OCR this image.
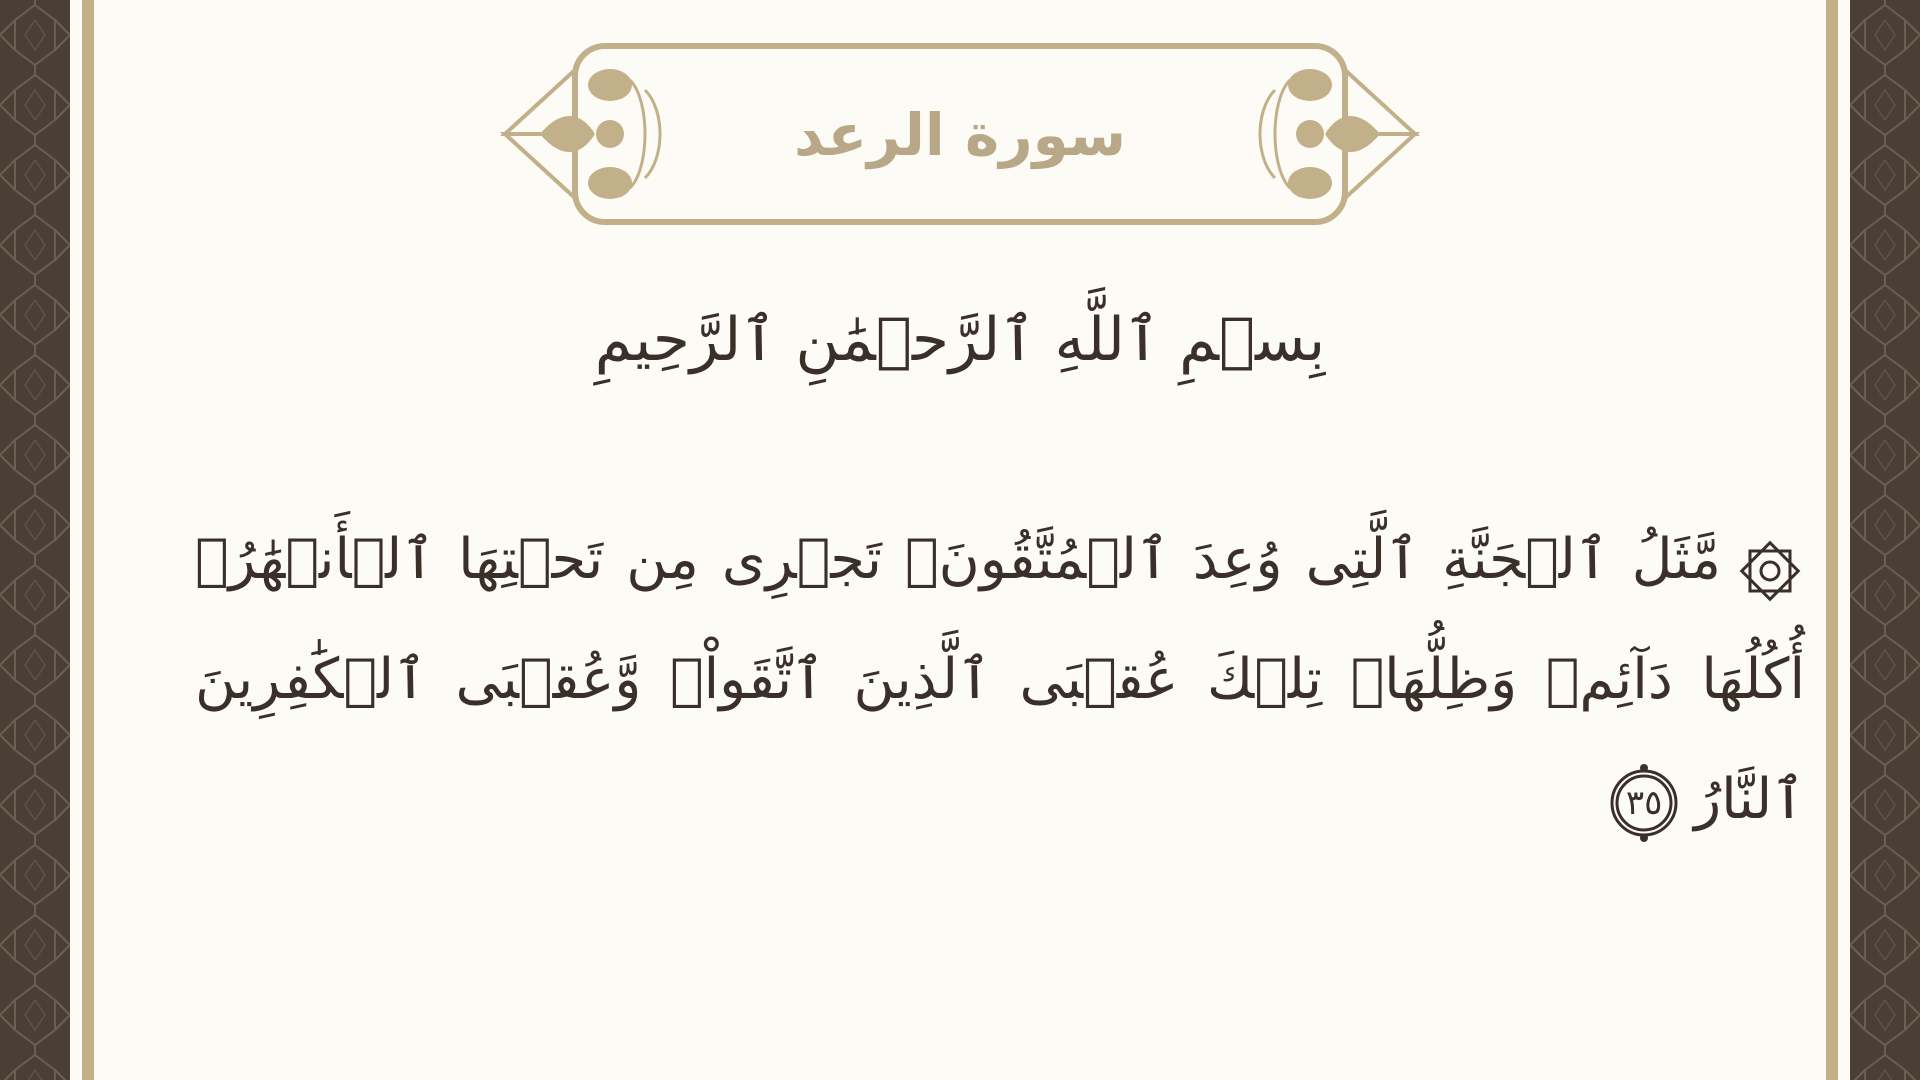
سورة الرعد
بِسۡمِ ٱللَّهِ ٱلرَّحۡمَٰنِ ٱلرَّحِيمِ
مَّثَلُ ٱلۡجَنَّةِ ٱلَّتِى وُعِدَ ٱلۡمُتَّقُونَۖ تَجۡرِى مِن تَحۡتِهَا ٱلۡأَنۡهَٰرُۖ أُكُلُهَا دَآئِمٞ وَظِلُّهَاۚ تِلۡكَ عُقۡبَى ٱلَّذِينَ ٱتَّقَواْۖ وَّعُقۡبَى ٱلۡكَٰفِرِينَ ٱلنَّارُ
٣٥
